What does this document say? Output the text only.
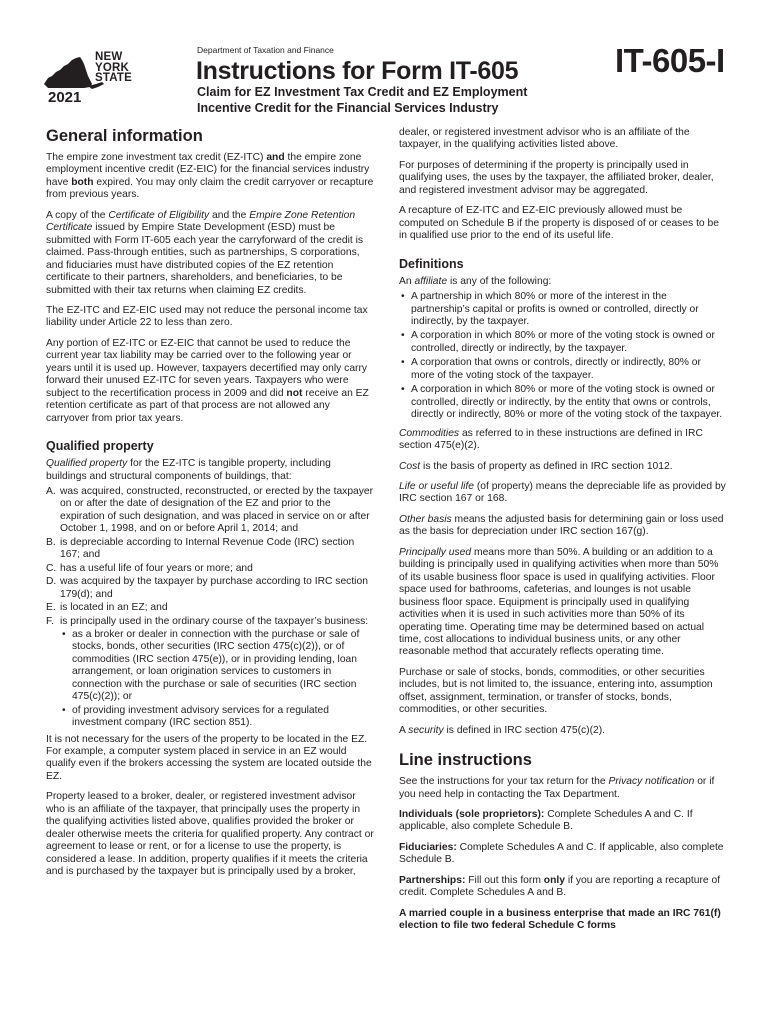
NEW
YORK
STATE
2021
Department of Taxation and Finance
Instructions for Form IT-605
Claim for EZ Investment Tax Credit and EZ Employment
Incentive Credit for the Financial Services Industry
IT-605-I
General information

The empire zone investment tax credit (EZ-ITC) and the empire zone employment incentive credit (EZ-EIC) for the financial services industry have both expired. You may only claim the credit carryover or recapture from previous years.

A copy of the Certificate of Eligibility and the Empire Zone Retention Certificate issued by Empire State Development (ESD) must be submitted with Form IT-605 each year the carryforward of the credit is claimed. Pass-through entities, such as partnerships, S corporations, and fiduciaries must have distributed copies of the EZ retention certificate to their partners, shareholders, and beneficiaries, to be submitted with their tax returns when claiming EZ credits.

The EZ-ITC and EZ-EIC used may not reduce the personal income tax liability under Article 22 to less than zero.

Any portion of EZ-ITC or EZ-EIC that cannot be used to reduce the current year tax liability may be carried over to the following year or years until it is used up. However, taxpayers decertified may only carry forward their unused EZ-ITC for seven years. Taxpayers who were subject to the recertification process in 2009 and did not receive an EZ retention certificate as part of that process are not allowed any carryover from prior tax years.

Qualified property

Qualified property for the EZ-ITC is tangible property, including buildings and structural components of buildings, that:

A. was acquired, constructed, reconstructed, or erected by the taxpayer on or after the date of designation of the EZ and prior to the expiration of such designation, and was placed in service on or after October 1, 1998, and on or before April 1, 2014; and
B. is depreciable according to Internal Revenue Code (IRC) section 167; and
C. has a useful life of four years or more; and
D. was acquired by the taxpayer by purchase according to IRC section 179(d); and
E. is located in an EZ; and
F. is principally used in the ordinary course of the taxpayer’s business:
• as a broker or dealer in connection with the purchase or sale of stocks, bonds, other securities (IRC section 475(c)(2)), or of commodities (IRC section 475(e)), or in providing lending, loan arrangement, or loan origination services to customers in connection with the purchase or sale of securities (IRC section 475(c)(2)); or
• of providing investment advisory services for a regulated investment company (IRC section 851).

It is not necessary for the users of the property to be located in the EZ. For example, a computer system placed in service in an EZ would qualify even if the brokers accessing the system are located outside the EZ.

Property leased to a broker, dealer, or registered investment advisor who is an affiliate of the taxpayer, that principally uses the property in the qualifying activities listed above, qualifies provided the broker or dealer otherwise meets the criteria for qualified property. Any contract or agreement to lease or rent, or for a license to use the property, is considered a lease. In addition, property qualifies if it meets the criteria and is purchased by the taxpayer but is principally used by a broker,

dealer, or registered investment advisor who is an affiliate of the taxpayer, in the qualifying activities listed above.

For purposes of determining if the property is principally used in qualifying uses, the uses by the taxpayer, the affiliated broker, dealer, and registered investment advisor may be aggregated.

A recapture of EZ-ITC and EZ-EIC previously allowed must be computed on Schedule B if the property is disposed of or ceases to be in qualified use prior to the end of its useful life.

Definitions

An affiliate is any of the following:

• A partnership in which 80% or more of the interest in the partnership’s capital or profits is owned or controlled, directly or indirectly, by the taxpayer.
• A corporation in which 80% or more of the voting stock is owned or controlled, directly or indirectly, by the taxpayer.
• A corporation that owns or controls, directly or indirectly, 80% or more of the voting stock of the taxpayer.
• A corporation in which 80% or more of the voting stock is owned or controlled, directly or indirectly, by the entity that owns or controls, directly or indirectly, 80% or more of the voting stock of the taxpayer.

Commodities as referred to in these instructions are defined in IRC section 475(e)(2).

Cost is the basis of property as defined in IRC section 1012.

Life or useful life (of property) means the depreciable life as provided by IRC section 167 or 168.

Other basis means the adjusted basis for determining gain or loss used as the basis for depreciation under IRC section 167(g).

Principally used means more than 50%. A building or an addition to a building is principally used in qualifying activities when more than 50% of its usable business floor space is used in qualifying activities. Floor space used for bathrooms, cafeterias, and lounges is not usable business floor space. Equipment is principally used in qualifying activities when it is used in such activities more than 50% of its operating time. Operating time may be determined based on actual time, cost allocations to individual business units, or any other reasonable method that accurately reflects operating time.

Purchase or sale of stocks, bonds, commodities, or other securities includes, but is not limited to, the issuance, entering into, assumption offset, assignment, termination, or transfer of stocks, bonds, commodities, or other securities.

A security is defined in IRC section 475(c)(2).

Line instructions

See the instructions for your tax return for the Privacy notification or if you need help in contacting the Tax Department.

Individuals (sole proprietors): Complete Schedules A and C. If applicable, also complete Schedule B.

Fiduciaries: Complete Schedules A and C. If applicable, also complete Schedule B.

Partnerships: Fill out this form only if you are reporting a recapture of credit. Complete Schedules A and B.

A married couple in a business enterprise that made an IRC 761(f) election to file two federal Schedule C forms
